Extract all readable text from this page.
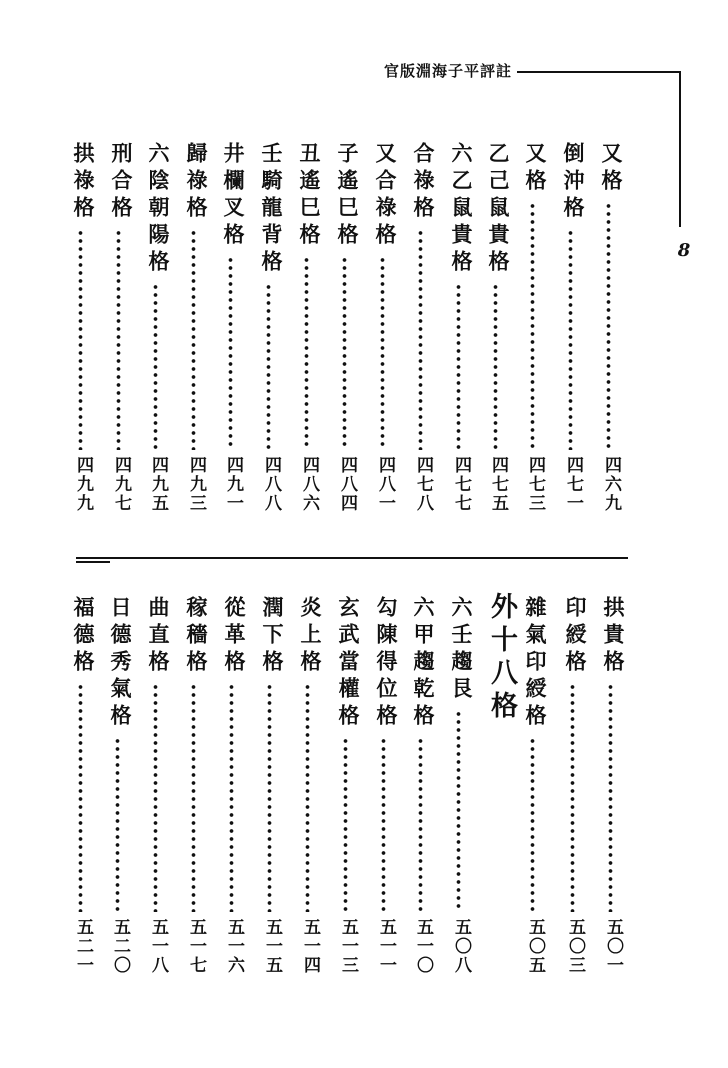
官版淵海子平評註
8
又格
四六九
倒沖格
四七一
又格
四七三
乙己鼠貴格
四七五
六乙鼠貴格
四七七
合祿格
四七八
又合祿格
四八一
子遙巳格
四八四
丑遙巳格
四八六
壬騎龍背格
四八八
井欄叉格
四九一
歸祿格
四九三
六陰朝陽格
四九五
刑合格
四九七
拱祿格
四九九
拱貴格
五〇一
印綬格
五〇三
雜氣印綬格
五〇五
六壬趨艮
五〇八
六甲趨乾格
五一〇
勾陳得位格
五一一
玄武當權格
五一三
炎上格
五一四
潤下格
五一五
從革格
五一六
稼穡格
五一七
曲直格
五一八
日德秀氣格
五二〇
福德格
五二一
外十八格
